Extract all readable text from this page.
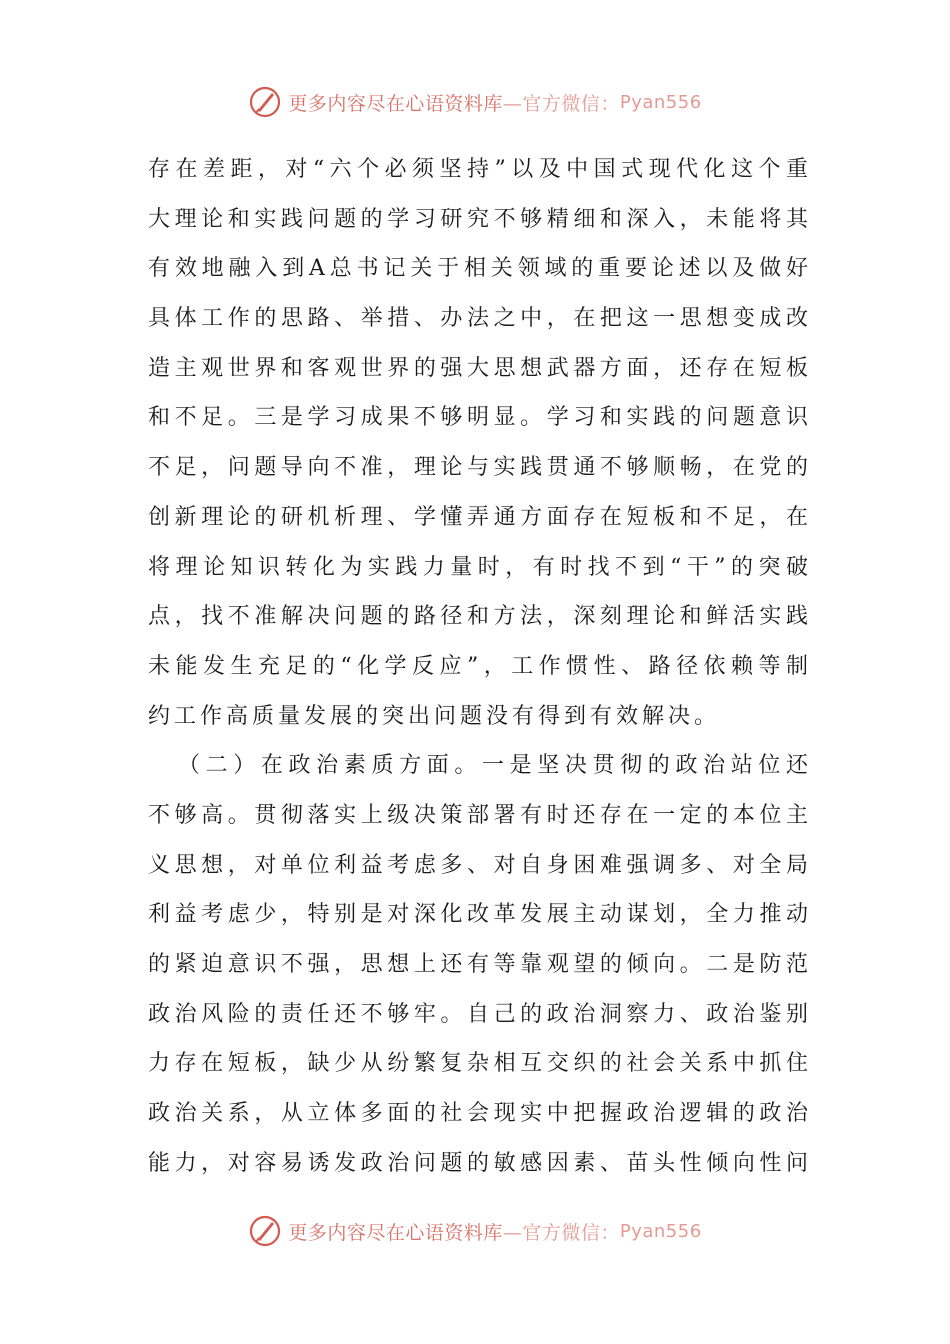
更多内容尽在心语资料库 —官方微信： Pyan556
存在差距，对“六个必须坚持”以及中国式现代化这个重
大理论和实践问题的学习研究不够精细和深入，未能将其
有效地融入到A总书记关于相关领域的重要论述以及做好
具体工作的思路、举措、办法之中，在把这一思想变成改
造主观世界和客观世界的强大思想武器方面，还存在短板
和不足。三是学习成果不够明显。学习和实践的问题意识
不足，问题导向不准，理论与实践贯通不够顺畅，在党的
创新理论的研机析理、学懂弄通方面存在短板和不足，在
将理论知识转化为实践力量时，有时找不到“干”的突破
点，找不准解决问题的路径和方法，深刻理论和鲜活实践
未能发生充足的“化学反应”，工作惯性、路径依赖等制
约工作高质量发展的突出问题没有得到有效解决。
（二）在政治素质方面。一是坚决贯彻的政治站位还
不够高。贯彻落实上级决策部署有时还存在一定的本位主
义思想，对单位利益考虑多、对自身困难强调多、对全局
利益考虑少，特别是对深化改革发展主动谋划，全力推动
的紧迫意识不强，思想上还有等靠观望的倾向。二是防范
政治风险的责任还不够牢。自己的政治洞察力、政治鉴别
力存在短板，缺少从纷繁复杂相互交织的社会关系中抓住
政治关系，从立体多面的社会现实中把握政治逻辑的政治
能力，对容易诱发政治问题的敏感因素、苗头性倾向性问
更多内容尽在心语资料库 —官方微信： Pyan556
